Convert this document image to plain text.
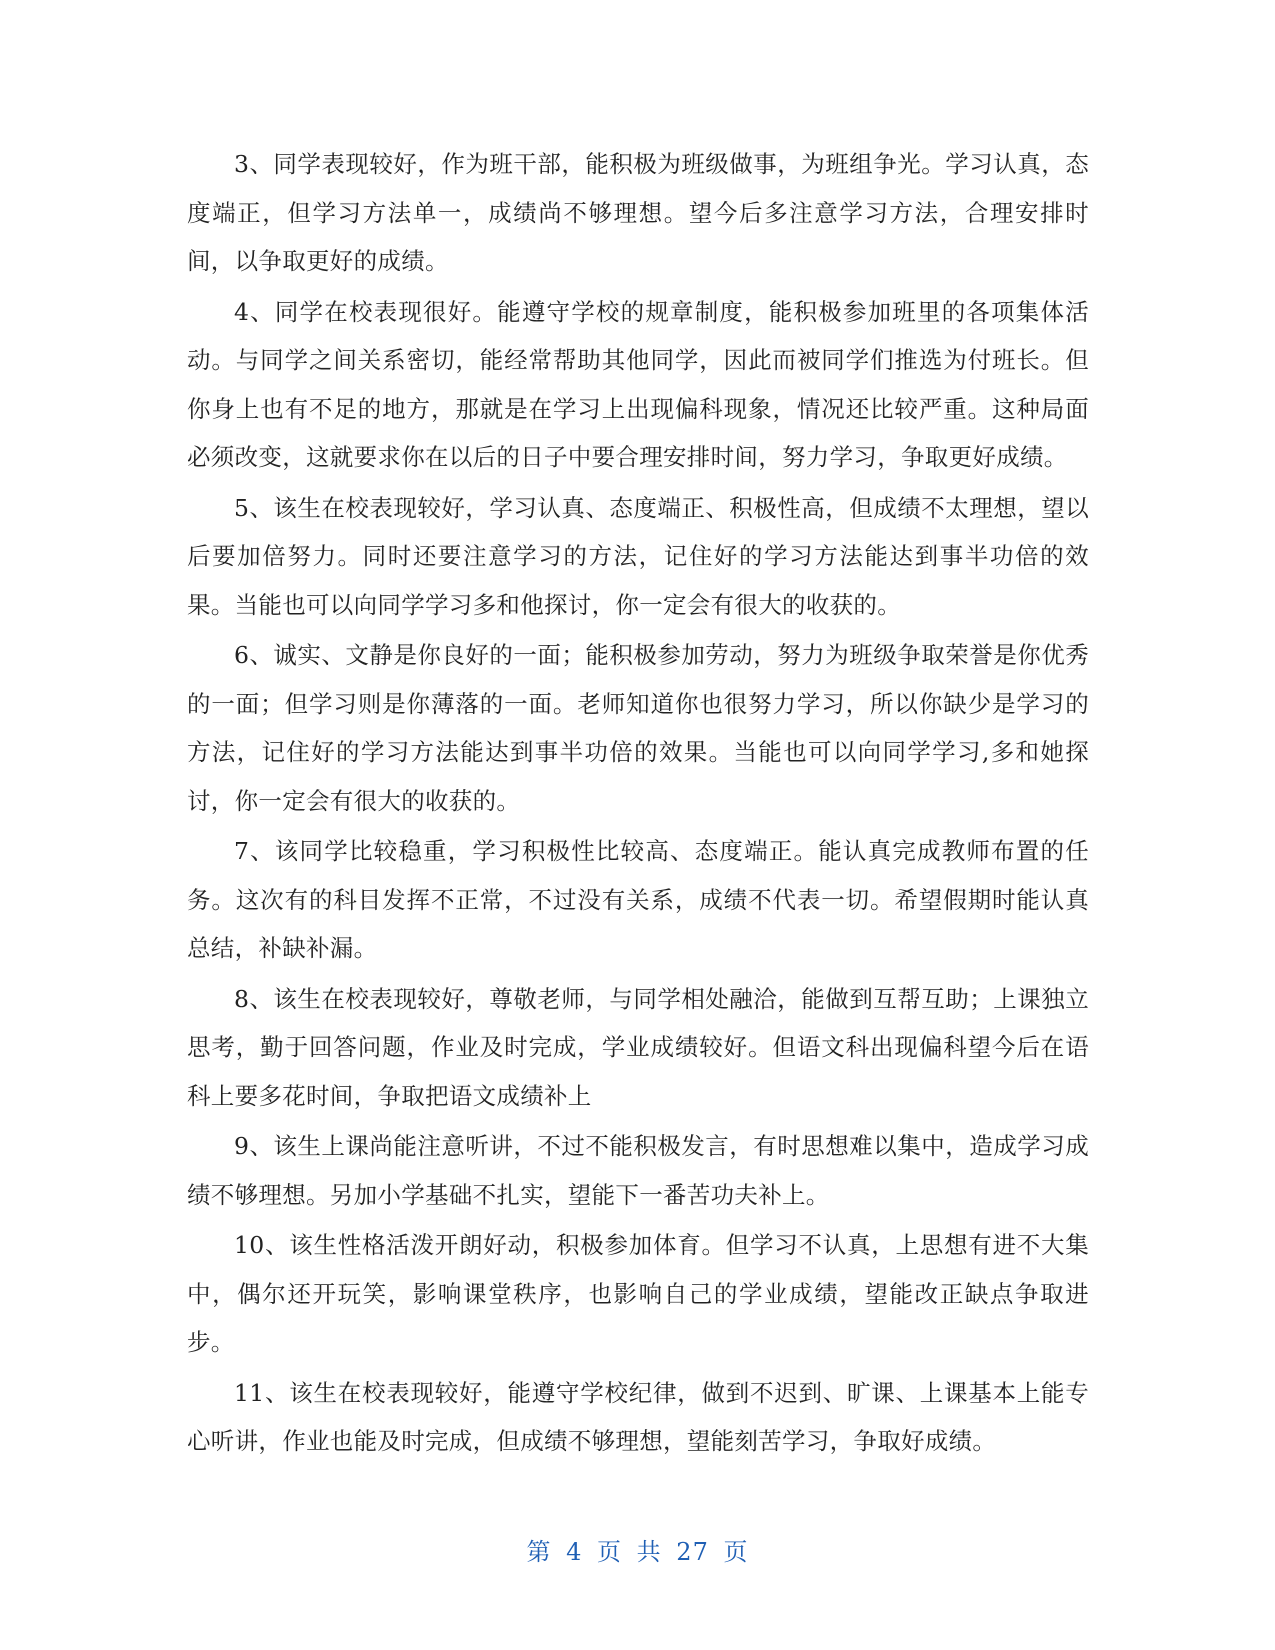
3、同学表现较好，作为班干部，能积极为班级做事，为班组争光。学习认真，态度端正，但学习方法单一，成绩尚不够理想。望今后多注意学习方法，合理安排时间，以争取更好的成绩。

4、同学在校表现很好。能遵守学校的规章制度，能积极参加班里的各项集体活动。与同学之间关系密切，能经常帮助其他同学，因此而被同学们推选为付班长。但你身上也有不足的地方，那就是在学习上出现偏科现象，情况还比较严重。这种局面必须改变，这就要求你在以后的日子中要合理安排时间，努力学习，争取更好成绩。

5、该生在校表现较好，学习认真、态度端正、积极性高，但成绩不太理想，望以后要加倍努力。同时还要注意学习的方法，记住好的学习方法能达到事半功倍的效果。当能也可以向同学学习多和他探讨，你一定会有很大的收获的。

6、诚实、文静是你良好的一面；能积极参加劳动，努力为班级争取荣誉是你优秀的一面；但学习则是你薄落的一面。老师知道你也很努力学习，所以你缺少是学习的方法，记住好的学习方法能达到事半功倍的效果。当能也可以向同学学习,多和她探讨，你一定会有很大的收获的。

7、该同学比较稳重，学习积极性比较高、态度端正。能认真完成教师布置的任务。这次有的科目发挥不正常，不过没有关系，成绩不代表一切。希望假期时能认真总结，补缺补漏。

8、该生在校表现较好，尊敬老师，与同学相处融洽，能做到互帮互助；上课独立思考，勤于回答问题，作业及时完成，学业成绩较好。但语文科出现偏科望今后在语科上要多花时间，争取把语文成绩补上

9、该生上课尚能注意听讲，不过不能积极发言，有时思想难以集中，造成学习成绩不够理想。另加小学基础不扎实，望能下一番苦功夫补上。

10、该生性格活泼开朗好动，积极参加体育。但学习不认真，上思想有进不大集中，偶尔还开玩笑，影响课堂秩序，也影响自己的学业成绩，望能改正缺点争取进步。

11、该生在校表现较好，能遵守学校纪律，做到不迟到、旷课、上课基本上能专心听讲，作业也能及时完成，但成绩不够理想，望能刻苦学习，争取好成绩。

第 4 页 共 27 页
